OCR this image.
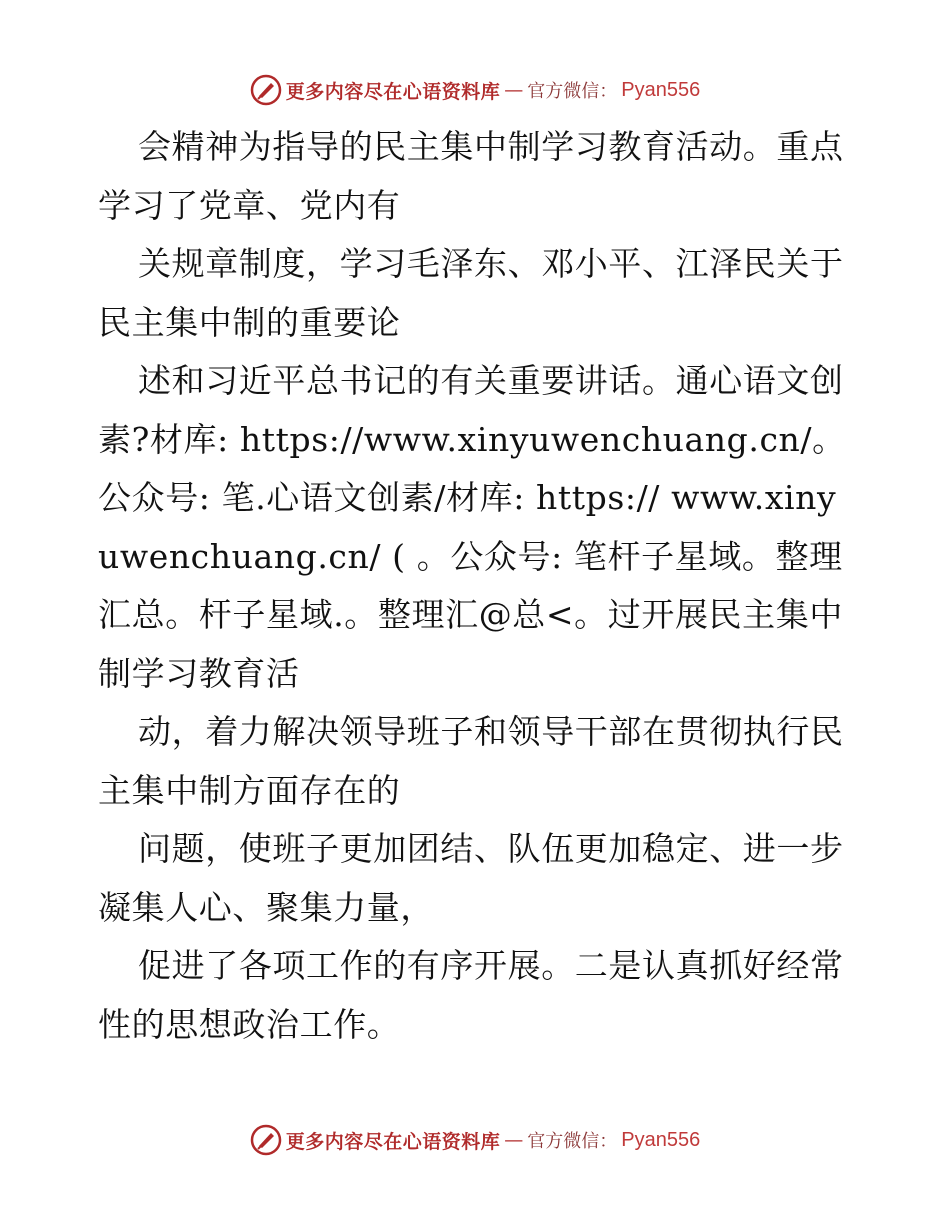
更多内容尽在心语资料库 — 官方微信： Pyan556

会精神为指导的民主集中制学习教育活动。重点学习了党章、党内有

关规章制度，学习毛泽东、邓小平、江泽民关于民主集中制的重要论

述和习近平总书记的有关重要讲话。通心语文创素?材库: https://www.xinyuwenchuang.cn/。公众号: 笔.心语文创素/材库: https:// www.xinyuwenchuang.cn/ ( 。公众号: 笔杆子星域。整理汇总。杆子星域.。整理汇@总<。过开展民主集中制学习教育活

动，着力解决领导班子和领导干部在贯彻执行民主集中制方面存在的

问题，使班子更加团结、队伍更加稳定、进一步凝集人心、聚集力量，

促进了各项工作的有序开展。二是认真抓好经常性的思想政治工作。

更多内容尽在心语资料库 — 官方微信： Pyan556
